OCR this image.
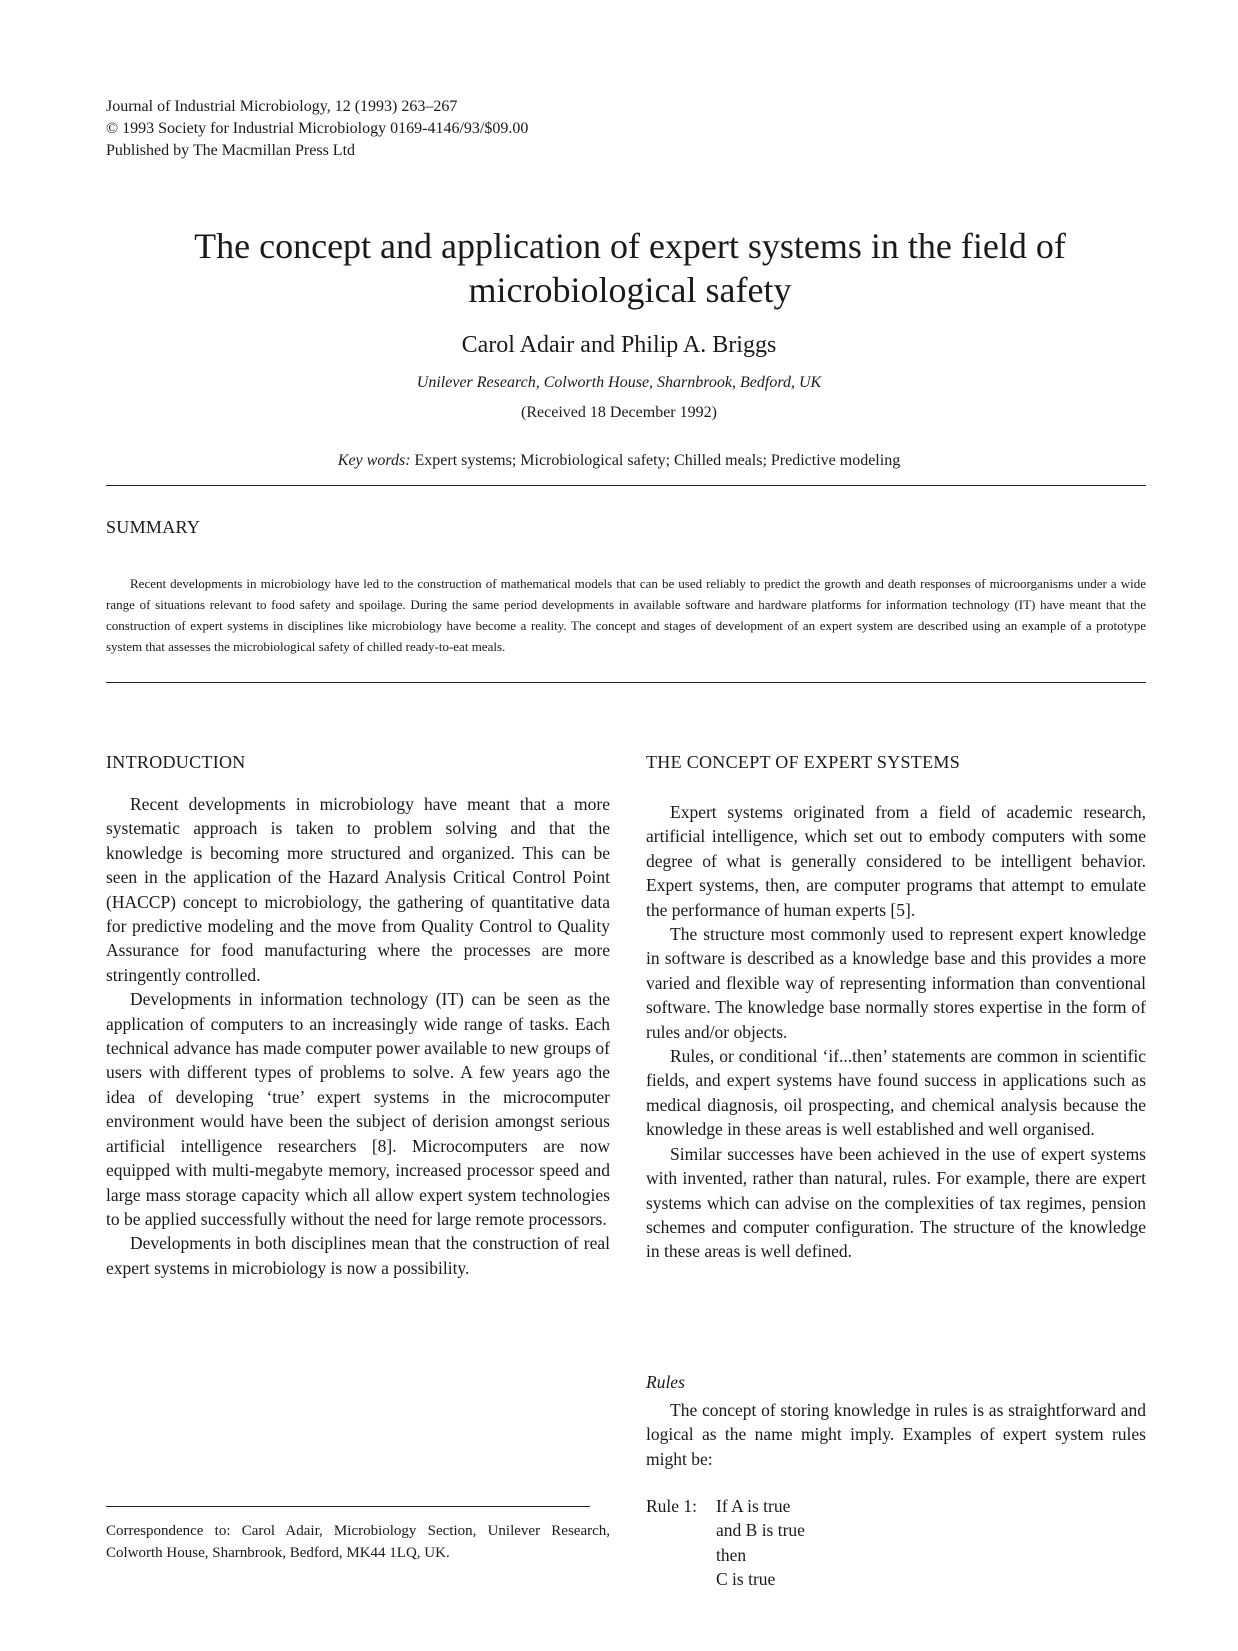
Journal of Industrial Microbiology, 12 (1993) 263–267
© 1993 Society for Industrial Microbiology 0169-4146/93/$09.00
Published by The Macmillan Press Ltd
The concept and application of expert systems in the field of
microbiological safety
Carol Adair and Philip A. Briggs
Unilever Research, Colworth House, Sharnbrook, Bedford, UK
(Received 18 December 1992)
Key words: Expert systems; Microbiological safety; Chilled meals; Predictive modeling
SUMMARY
Recent developments in microbiology have led to the construction of mathematical models that can be used reliably to predict the growth and death responses of microorganisms under a wide range of situations relevant to food safety and spoilage. During the same period developments in available software and hardware platforms for information technology (IT) have meant that the construction of expert systems in disciplines like microbiology have become a reality. The concept and stages of development of an expert system are described using an example of a prototype system that assesses the microbiological safety of chilled ready-to-eat meals.
INTRODUCTION

Recent developments in microbiology have meant that a more systematic approach is taken to problem solving and that the knowledge is becoming more structured and organized. This can be seen in the application of the Hazard Analysis Critical Control Point (HACCP) concept to microbiology, the gathering of quantitative data for predictive modeling and the move from Quality Control to Quality Assurance for food manufacturing where the processes are more stringently controlled.

Developments in information technology (IT) can be seen as the application of computers to an increasingly wide range of tasks. Each technical advance has made computer power available to new groups of users with different types of problems to solve. A few years ago the idea of developing ‘true’ expert systems in the microcomputer environment would have been the subject of derision amongst serious artificial intelligence researchers [8]. Microcomputers are now equipped with multi-megabyte memory, increased processor speed and large mass storage capacity which all allow expert system technologies to be applied successfully without the need for large remote processors.

Developments in both disciplines mean that the construction of real expert systems in microbiology is now a possibility.

Correspondence to: Carol Adair, Microbiology Section, Unilever Research, Colworth House, Sharnbrook, Bedford, MK44 1LQ, UK.
THE CONCEPT OF EXPERT SYSTEMS

Expert systems originated from a field of academic research, artificial intelligence, which set out to embody computers with some degree of what is generally considered to be intelligent behavior. Expert systems, then, are computer programs that attempt to emulate the performance of human experts [5].

The structure most commonly used to represent expert knowledge in software is described as a knowledge base and this provides a more varied and flexible way of representing information than conventional software. The knowledge base normally stores expertise in the form of rules and/or objects.

Rules, or conditional ‘if...then’ statements are common in scientific fields, and expert systems have found success in applications such as medical diagnosis, oil prospecting, and chemical analysis because the knowledge in these areas is well established and well organised.

Similar successes have been achieved in the use of expert systems with invented, rather than natural, rules. For example, there are expert systems which can advise on the complexities of tax regimes, pension schemes and computer configuration. The structure of the knowledge in these areas is well defined.

Rules

The concept of storing knowledge in rules is as straightforward and logical as the name might imply. Examples of expert system rules might be:

Rule 1:	If A is true
and B is true
then
C is true
